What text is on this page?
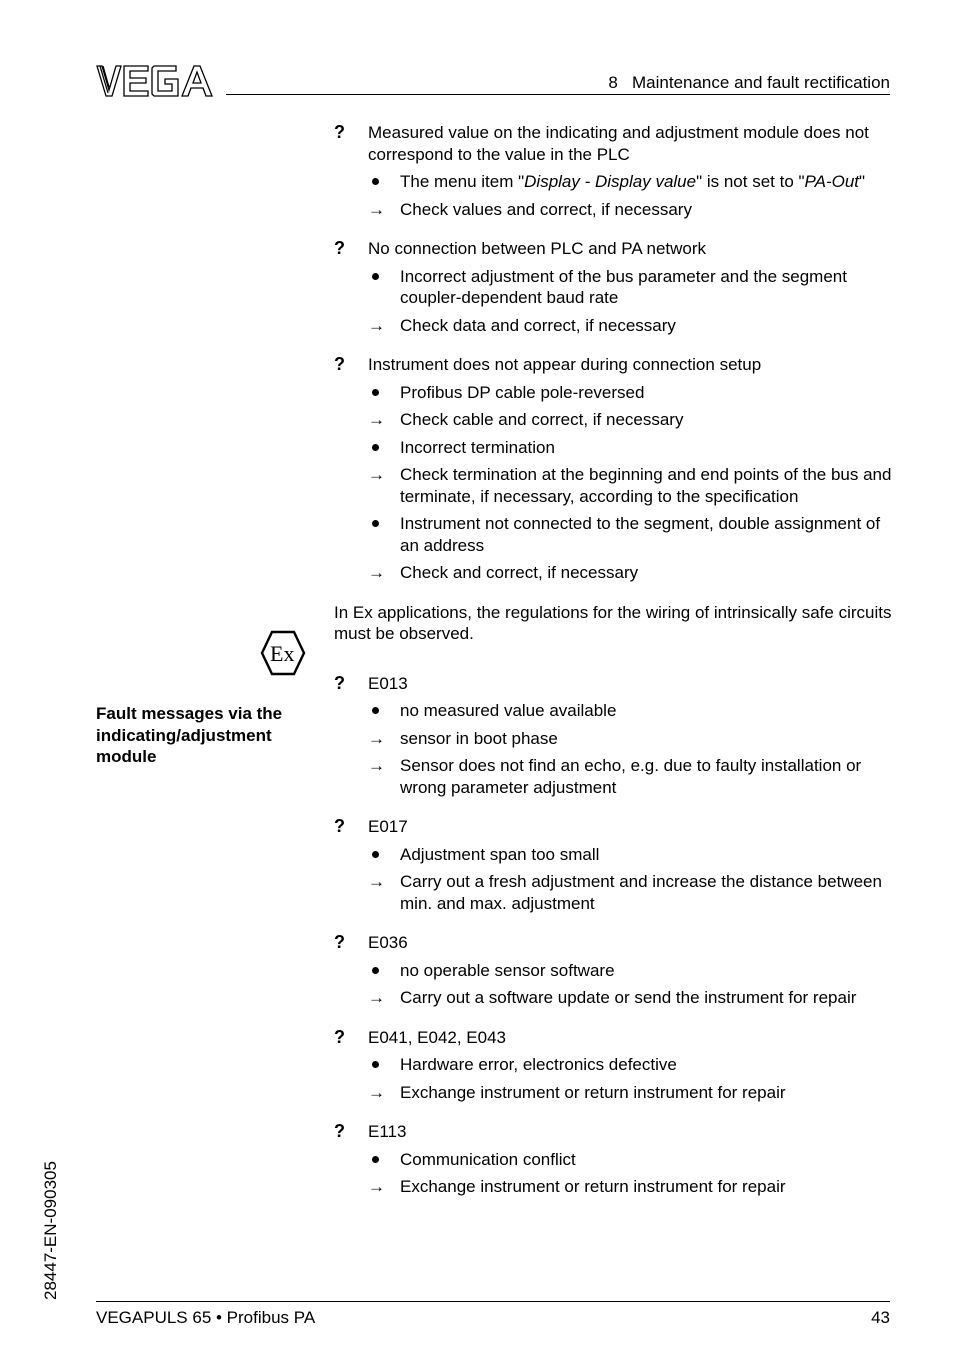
8   Maintenance and fault rectification
? Measured value on the indicating and adjustment module does not correspond to the value in the PLC
The menu item "Display - Display value" is not set to "PA-Out"
→ Check values and correct, if necessary
? No connection between PLC and PA network
Incorrect adjustment of the bus parameter and the segment coupler-dependent baud rate
→ Check data and correct, if necessary
? Instrument does not appear during connection setup
Profibus DP cable pole-reversed
→ Check cable and correct, if necessary
Incorrect termination
→ Check termination at the beginning and end points of the bus and terminate, if necessary, according to the specification
Instrument not connected to the segment, double assignment of an address
→ Check and correct, if necessary
In Ex applications, the regulations for the wiring of intrinsically safe circuits must be observed.
? E013
no measured value available
→ sensor in boot phase
→ Sensor does not find an echo, e.g. due to faulty installation or wrong parameter adjustment
? E017
Adjustment span too small
→ Carry out a fresh adjustment and increase the distance between min. and max. adjustment
? E036
no operable sensor software
→ Carry out a software update or send the instrument for repair
? E041, E042, E043
Hardware error, electronics defective
→ Exchange instrument or return instrument for repair
? E113
Communication conflict
→ Exchange instrument or return instrument for repair
Ex
Fault messages via the indicating/adjustment module
28447-EN-090305
VEGAPULS 65 • Profibus PA	43
